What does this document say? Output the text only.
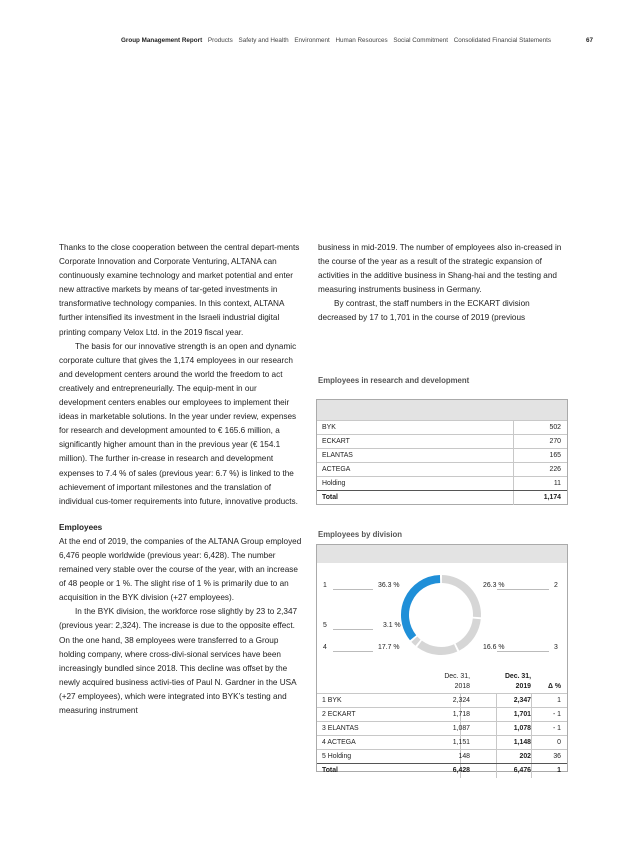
Group Management Report Products Safety and Health Environment Human Resources Social Commitment Consolidated Financial Statements	67

Thanks to the close cooperation between the central depart-ments Corporate Innovation and Corporate Venturing, ALTANA can continuously examine technology and market potential and enter new attractive markets by means of tar-geted investments in transformative technology companies. In this context, ALTANA further intensified its investment in the Israeli industrial digital printing company Velox Ltd. in the 2019 fiscal year.

The basis for our innovative strength is an open and dynamic corporate culture that gives the 1,174 employees in our research and development centers around the world the freedom to act creatively and entrepreneurially. The equip-ment in our development centers enables our employees to implement their ideas in marketable solutions. In the year under review, expenses for research and development amounted to € 165.6 million, a significantly higher amount than in the previous year (€ 154.1 million). The further in-crease in research and development expenses to 7.4 % of sales (previous year: 6.7 %) is linked to the achievement of important milestones and the translation of individual cus-tomer requirements into future, innovative products.

Employees

At the end of 2019, the companies of the ALTANA Group employed 6,476 people worldwide (previous year: 6,428). The number remained very stable over the course of the year, with an increase of 48 people or 1 %. The slight rise of 1 % is primarily due to an acquisition in the BYK division (+27 employees).

In the BYK division, the workforce rose slightly by 23 to 2,347 (previous year: 2,324). The increase is due to the opposite effect. On the one hand, 38 employees were transferred to a Group holding company, where cross-divi-sional services have been increasingly bundled since 2018. This decline was offset by the newly acquired business activi-ties of Paul N. Gardner in the USA (+27 employees), which were integrated into BYK’s testing and measuring instrument

business in mid-2019. The number of employees also in-creased in the course of the year as a result of the strategic expansion of activities in the additive business in Shang-hai and the testing and measuring instruments business in Germany.

By contrast, the staff numbers in the ECKART division decreased by 17 to 1,701 in the course of 2019 (previous

Employees in research and development
BYK	502
ECKART	270
ELANTAS	165
ACTEGA	226
Holding	11
Total	1,174
Employees by division
1	36.3 %	2
26.3 %
5	3.1 %
4	17.7 %	3
16.6 %
Dec. 31, 2018
Dec. 31, 2019 Δ %
1 BYK	2,324	2,347	1
2 ECKART	1,718	1,701	- 1
3 ELANTAS	1,087	1,078	- 1
4 ACTEGA	1,151	1,148	0
5 Holding	148	202	36
Total	6,428	6,476	1
